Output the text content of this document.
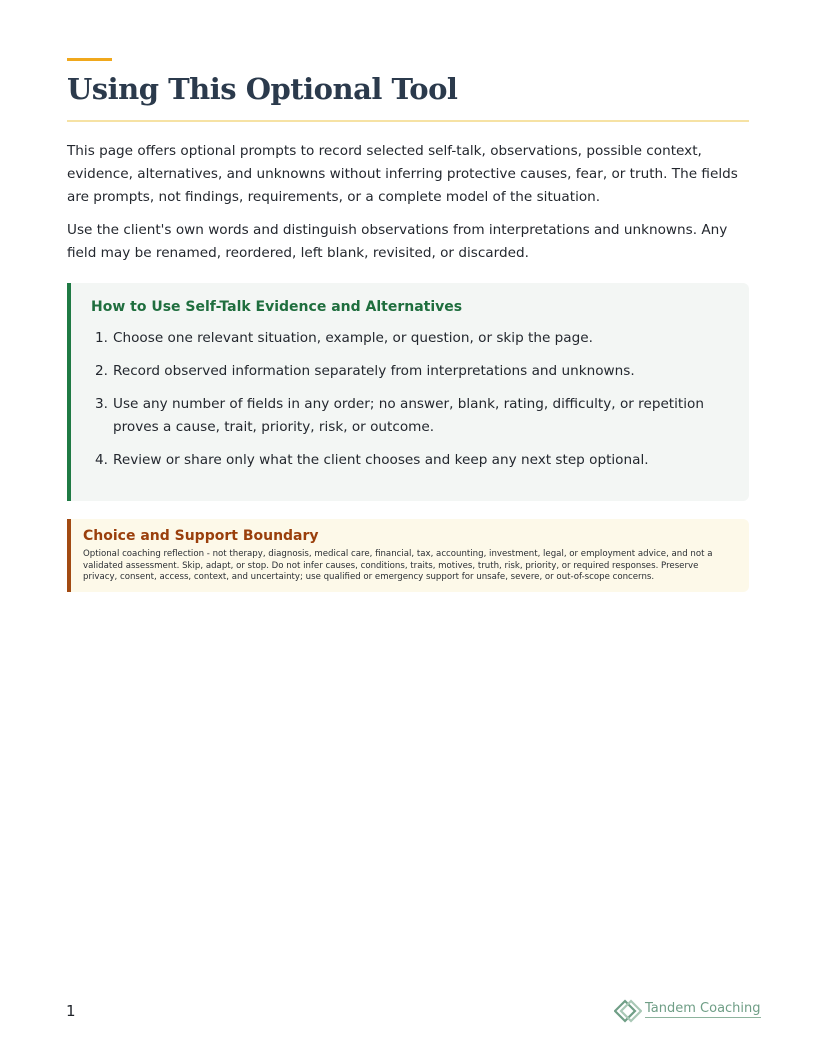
Using This Optional Tool

This page offers optional prompts to record selected self-talk, observations, possible context, evidence, alternatives, and unknowns without inferring protective causes, fear, or truth. The fields are prompts, not findings, requirements, or a complete model of the situation.

Use the client's own words and distinguish observations from interpretations and unknowns. Any field may be renamed, reordered, left blank, revisited, or discarded.

How to Use Self-Talk Evidence and Alternatives
1. Choose one relevant situation, example, or question, or skip the page.
2. Record observed information separately from interpretations and unknowns.
3. Use any number of fields in any order; no answer, blank, rating, difficulty, or repetition proves a cause, trait, priority, risk, or outcome.
4. Review or share only what the client chooses and keep any next step optional.
Choice and Support Boundary

Optional coaching reflection - not therapy, diagnosis, medical care, financial, tax, accounting, investment, legal, or employment advice, and not a validated assessment. Skip, adapt, or stop. Do not infer causes, conditions, traits, motives, truth, risk, priority, or required responses. Preserve privacy, consent, access, context, and uncertainty; use qualified or emergency support for unsafe, severe, or out-of-scope concerns.

1	Tandem Coaching
